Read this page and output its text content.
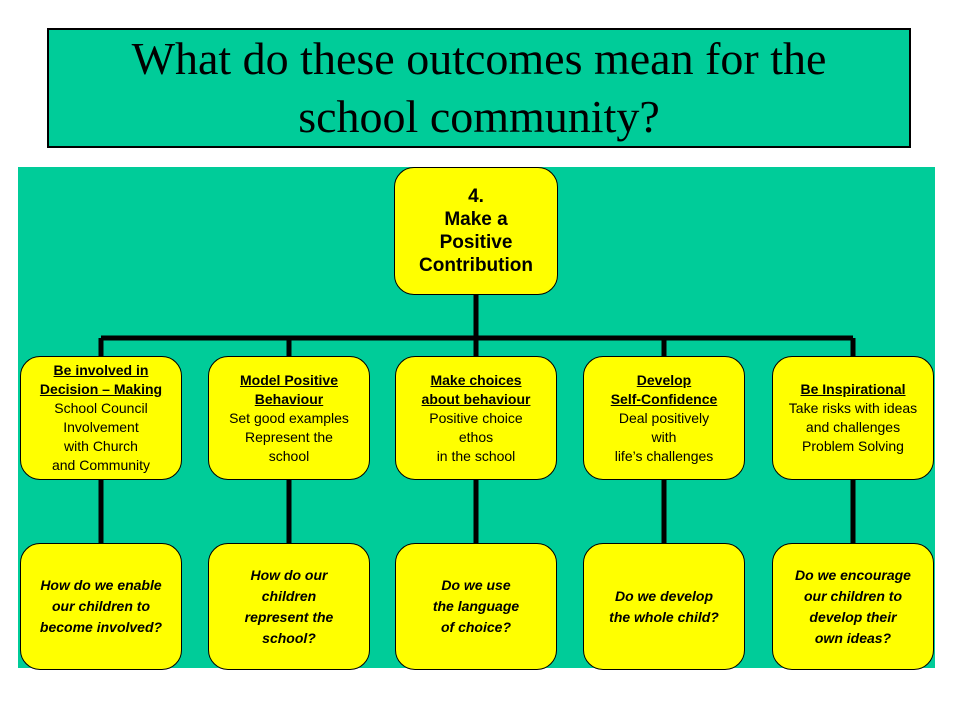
What do these outcomes mean for the school community?
4.
Make a
Positive
Contribution
Be involved in
Decision – Making
School Council
Involvement
with Church
and Community
How do we enable
our children to
become involved?
Model Positive
Behaviour
Set good examples
Represent the
school
How do our
children
represent the
school?
Make choices
about behaviour
Positive choice
ethos
in the school
Do we use
the language
of choice?
Develop
Self-Confidence
Deal positively
with
life’s challenges
Do we develop
the whole child?
Be Inspirational
Take risks with ideas
and challenges
Problem Solving
Do we encourage
our children to
develop their
own ideas?
